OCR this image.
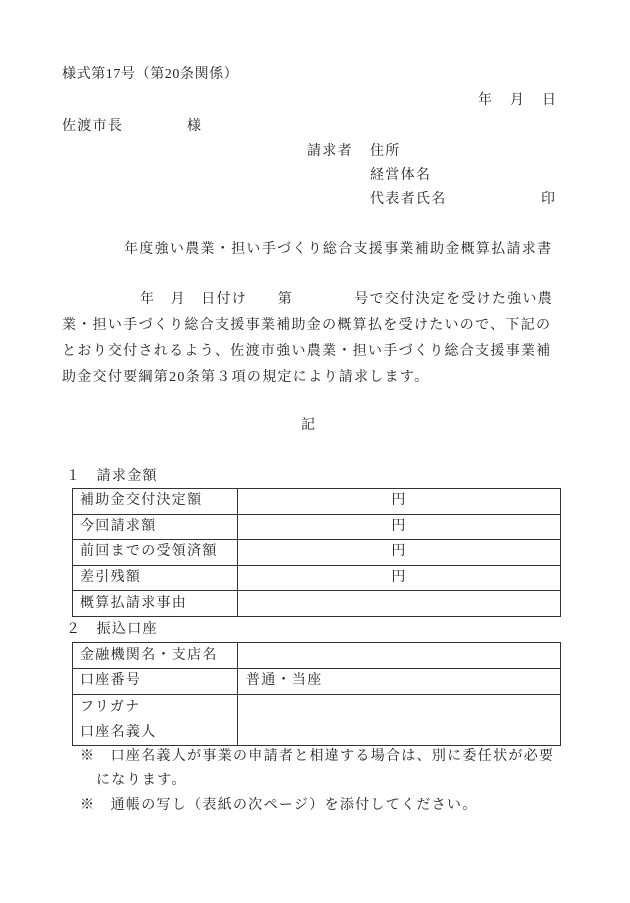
様式第17号（第20条関係）
年　月　日
佐渡市長	様
請求者 住所
経営体名
代表者氏名	印
年度強い農業・担い手づくり総合支援事業補助金概算払請求書
年　月　日付け　　第　　　　号で交付決定を受けた強い農
業・担い手づくり総合支援事業補助金の概算払を受けたいので、下記の
とおり交付されるよう、佐渡市強い農業・担い手づくり総合支援事業補
助金交付要綱第20条第３項の規定により請求します。
記
１　請求金額
補助金交付決定額	円
今回請求額	円
前回までの受領済額	円
差引残額	円
概算払請求事由	
２　振込口座
金融機関名・支店名	
口座番号	普通・当座

フリガナ
口座名義人	

※　口座名義人が事業の申請者と相違する場合は、別に委任状が必要
になります。
※　通帳の写し（表紙の次ページ）を添付してください。
